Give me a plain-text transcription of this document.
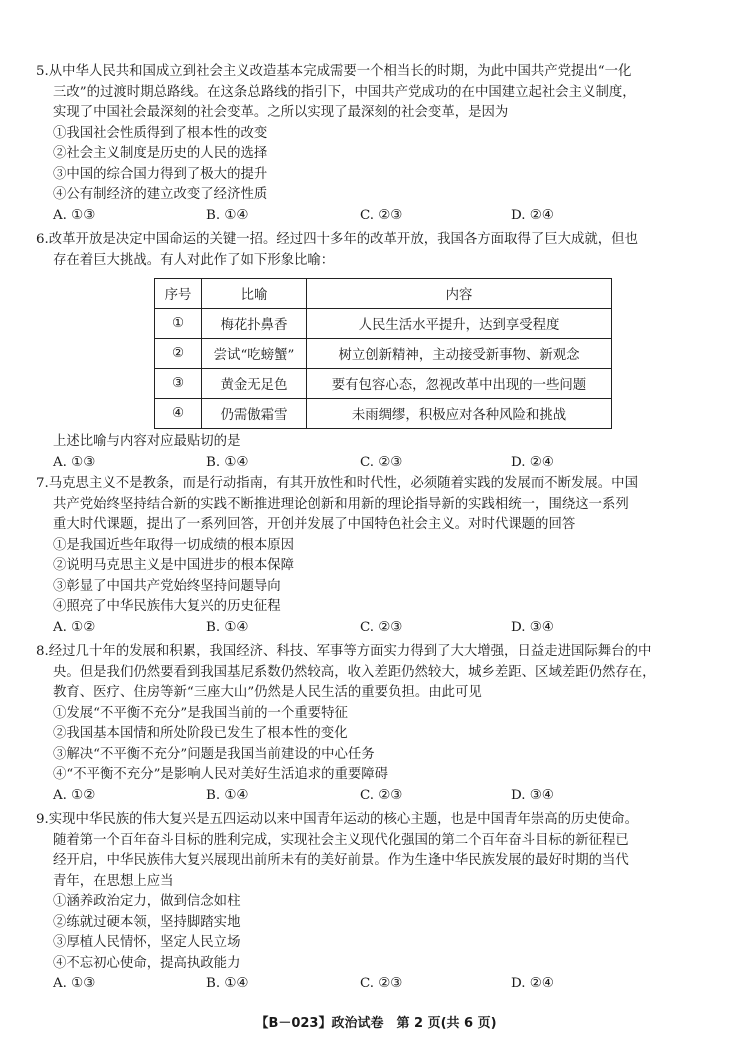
5.从中华人民共和国成立到社会主义改造基本完成需要一个相当长的时期，为此中国共产党提出“一化
三改”的过渡时期总路线。在这条总路线的指引下，中国共产党成功的在中国建立起社会主义制度，
实现了中国社会最深刻的社会变革。之所以实现了最深刻的社会变革，是因为
①我国社会性质得到了根本性的改变
②社会主义制度是历史的人民的选择
③中国的综合国力得到了极大的提升
④公有制经济的建立改变了经济性质
A. ①③	B. ①④	C. ②③	D. ②④
6.改革开放是决定中国命运的关键一招。经过四十多年的改革开放，我国各方面取得了巨大成就，但也
存在着巨大挑战。有人对此作了如下形象比喻：
序号	比喻	内容
①	梅花扑鼻香	人民生活水平提升，达到享受程度
②	尝试“吃螃蟹”	树立创新精神，主动接受新事物、新观念
③	黄金无足色	要有包容心态，忽视改革中出现的一些问题
④	仍需傲霜雪	未雨绸缪，积极应对各种风险和挑战
上述比喻与内容对应最贴切的是
A. ①③	B. ①④	C. ②③	D. ②④
7.马克思主义不是教条，而是行动指南，有其开放性和时代性，必须随着实践的发展而不断发展。中国
共产党始终坚持结合新的实践不断推进理论创新和用新的理论指导新的实践相统一，围绕这一系列
重大时代课题，提出了一系列回答，开创并发展了中国特色社会主义。对时代课题的回答
①是我国近些年取得一切成绩的根本原因
②说明马克思主义是中国进步的根本保障
③彰显了中国共产党始终坚持问题导向
④照亮了中华民族伟大复兴的历史征程
A. ①②	B. ①④	C. ②③	D. ③④
8.经过几十年的发展和积累，我国经济、科技、军事等方面实力得到了大大增强，日益走进国际舞台的中
央。但是我们仍然要看到我国基尼系数仍然较高，收入差距仍然较大，城乡差距、区域差距仍然存在，
教育、医疗、住房等新“三座大山”仍然是人民生活的重要负担。由此可见
①发展“不平衡不充分”是我国当前的一个重要特征
②我国基本国情和所处阶段已发生了根本性的变化
③解决“不平衡不充分”问题是我国当前建设的中心任务
④“不平衡不充分”是影响人民对美好生活追求的重要障碍
A. ①②	B. ①④	C. ②③	D. ③④
9.实现中华民族的伟大复兴是五四运动以来中国青年运动的核心主题，也是中国青年崇高的历史使命。
随着第一个百年奋斗目标的胜利完成，实现社会主义现代化强国的第二个百年奋斗目标的新征程已
经开启，中华民族伟大复兴展现出前所未有的美好前景。作为生逢中华民族发展的最好时期的当代
青年，在思想上应当
①涵养政治定力，做到信念如柱
②练就过硬本领，坚持脚踏实地
③厚植人民情怀，坚定人民立场
④不忘初心使命，提高执政能力
A. ①③	B. ①④	C. ②③	D. ②④
【B－023】政治试卷　第 2 页(共 6 页)
